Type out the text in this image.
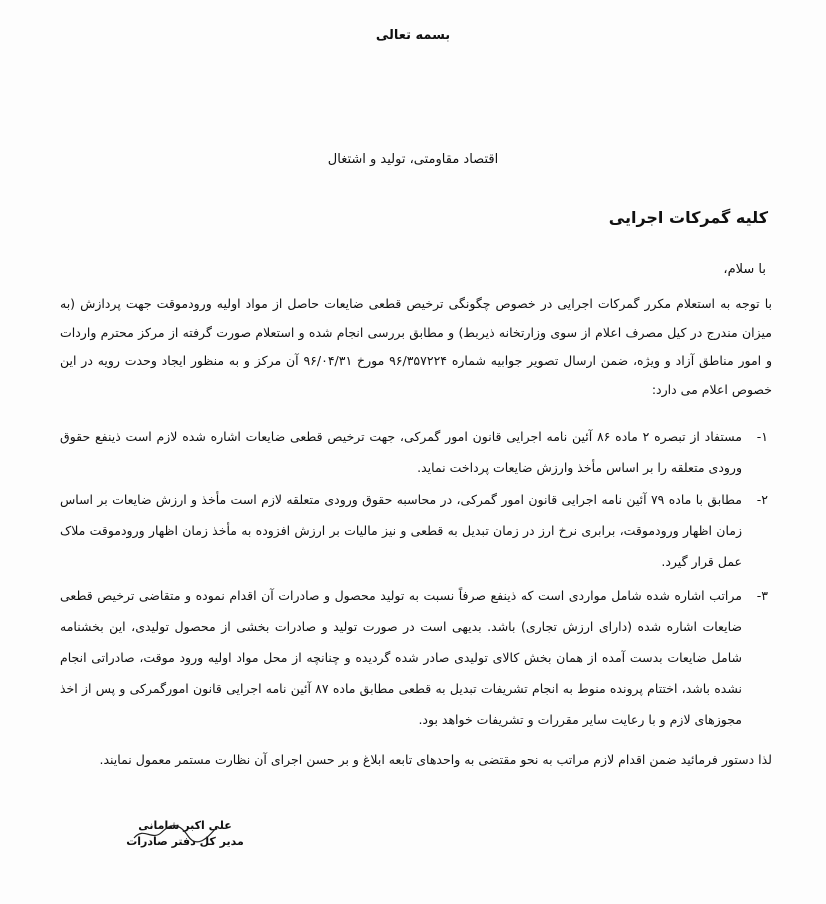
بسمه تعالی
اقتصاد مقاومتی، تولید و اشتغال
کلیه گمرکات اجرایی
با سلام،

با توجه به استعلام مکرر گمرکات اجرایی در خصوص چگونگی ترخیص قطعی ضایعات حاصل از مواد اولیه ورودموقت جهت پردازش (به میزان مندرج در کیل مصرف اعلام از سوی وزارتخانه ذیربط) و مطابق بررسی انجام شده و استعلام صورت گرفته از مرکز محترم واردات و امور مناطق آزاد و ویژه، ضمن ارسال تصویر جوابیه شماره ۹۶/۳۵۷۲۲۴ مورخ ۹۶/۰۴/۳۱ آن مرکز و به منظور ایجاد وحدت رویه در این خصوص اعلام می دارد:

۱-
مستفاد از تبصره ۲ ماده ۸۶ آئین نامه اجرایی قانون امور گمرکی، جهت ترخیص قطعی ضایعات اشاره شده لازم است ذینفع حقوق ورودی متعلقه را بر اساس مأخذ وارزش ضایعات پرداخت نماید.
۲-
مطابق با ماده ۷۹ آئین نامه اجرایی قانون امور گمرکی، در محاسبه حقوق ورودی متعلقه لازم است مأخذ و ارزش ضایعات بر اساس زمان اظهار ورودموقت، برابری نرخ ارز در زمان تبدیل به قطعی و نیز مالیات بر ارزش افزوده به مأخذ زمان اظهار ورودموقت ملاک عمل قرار گیرد.
۳-
مراتب اشاره شده شامل مواردی است که ذینفع صرفاً نسبت به تولید محصول و صادرات آن اقدام نموده و متقاضی ترخیص قطعی ضایعات اشاره شده (دارای ارزش تجاری) باشد. بدیهی است در صورت تولید و صادرات بخشی از محصول تولیدی، این بخشنامه شامل ضایعات بدست آمده از همان بخش کالای تولیدی صادر شده گردیده و چنانچه از محل مواد اولیه ورود موقت، صادراتی انجام نشده باشد، اختتام پرونده منوط به انجام تشریفات تبدیل به قطعی مطابق ماده ۸۷ آئین نامه اجرایی قانون امورگمرکی و پس از اخذ مجوزهای لازم و با رعایت سایر مقررات و تشریفات خواهد بود.

لذا دستور فرمائید ضمن اقدام لازم مراتب به نحو مقتضی به واحدهای تابعه ابلاغ و بر حسن اجرای آن نظارت مستمر معمول نمایند.

علی اکبر شامانی
مدیر کل دفتر صادرات
